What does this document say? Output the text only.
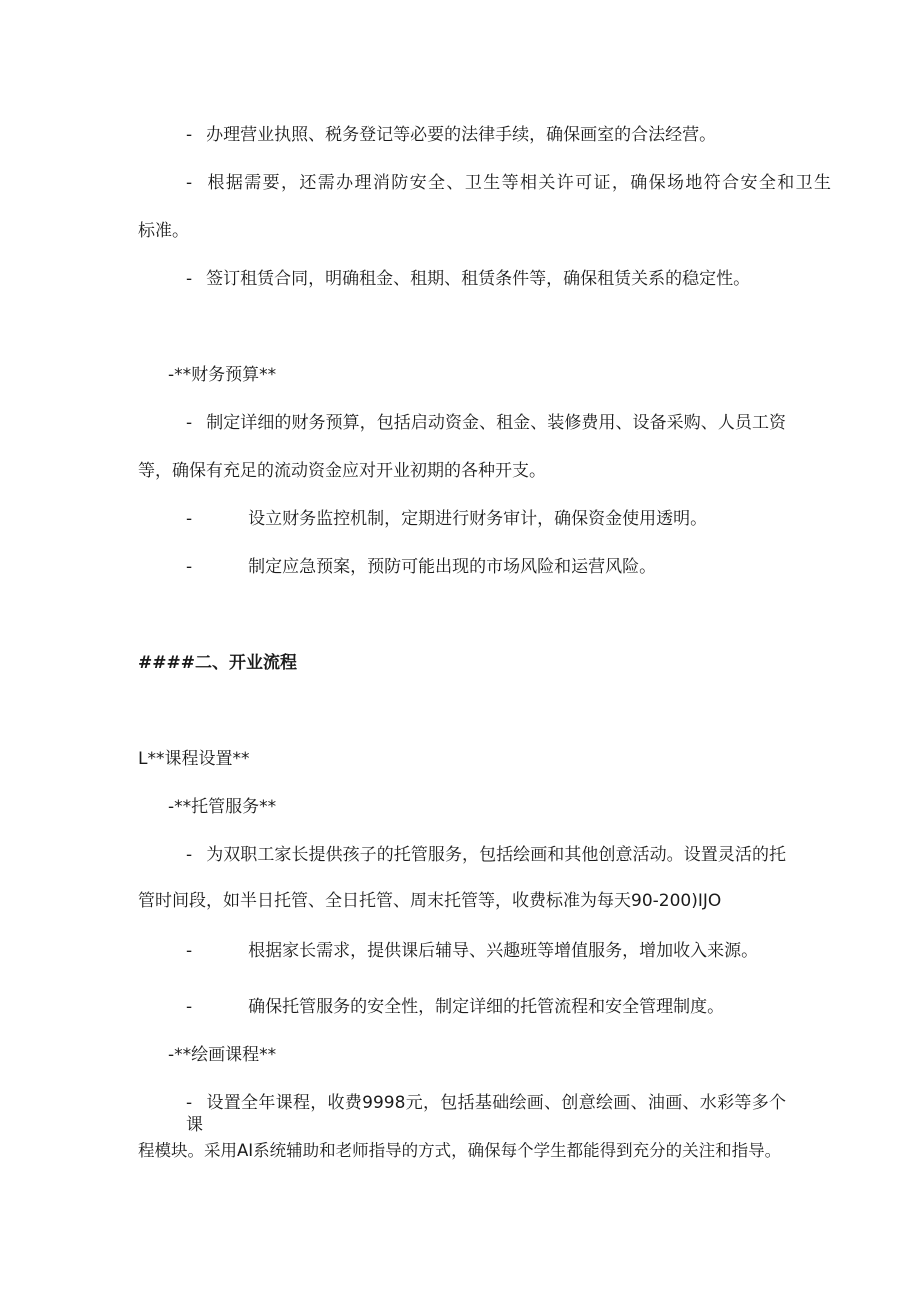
- 办理营业执照、税务登记等必要的法律手续，确保画室的合法经营。
- 根据需要，还需办理消防安全、卫生等相关许可证，确保场地符合安全和卫生
标准。
- 签订租赁合同，明确租金、租期、租赁条件等，确保租赁关系的稳定性。
-**财务预算**
- 制定详细的财务预算，包括启动资金、租金、装修费用、设备采购、人员工资
等，确保有充足的流动资金应对开业初期的各种开支。
-	设立财务监控机制，定期进行财务审计，确保资金使用透明。
-	制定应急预案，预防可能出现的市场风险和运营风险。
####二、开业流程
L**课程设置**
-**托管服务**
- 为双职工家长提供孩子的托管服务，包括绘画和其他创意活动。设置灵活的托
管时间段，如半日托管、全日托管、周末托管等，收费标准为每天90-200)IJO
-	根据家长需求，提供课后辅导、兴趣班等增值服务，增加收入来源。
-	确保托管服务的安全性，制定详细的托管流程和安全管理制度。
-**绘画课程**
- 设置全年课程，收费9998元，包括基础绘画、创意绘画、油画、水彩等多个课
程模块。采用AI系统辅助和老师指导的方式，确保每个学生都能得到充分的关注和指导。
